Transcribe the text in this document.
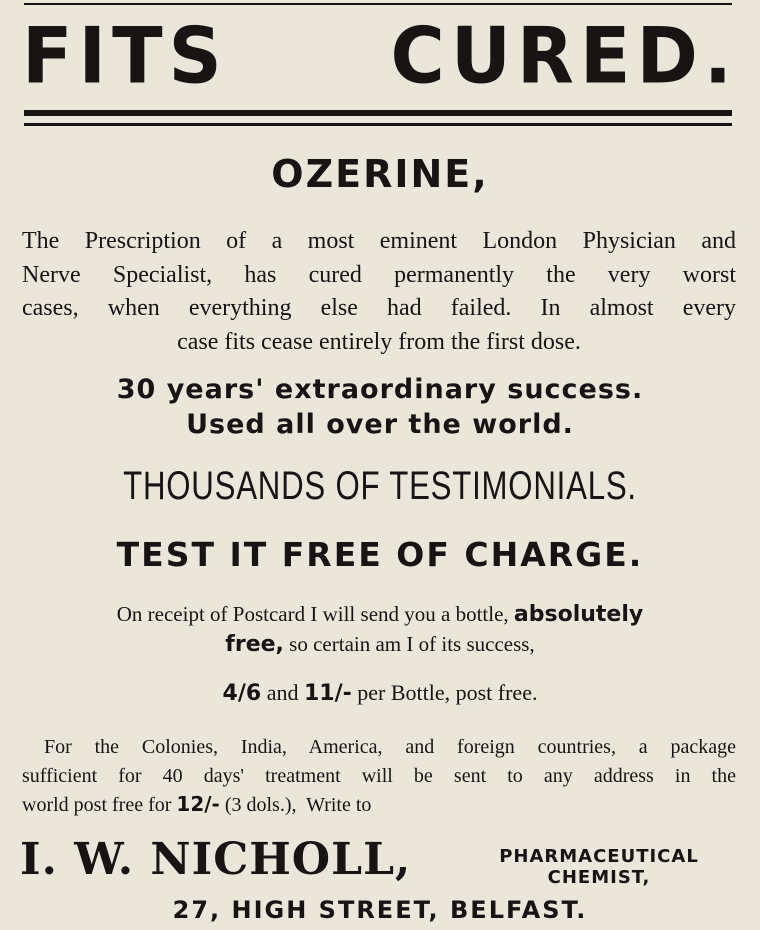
FITS CURED.
OZERINE,
The Prescription of a most eminent London Physician and
Nerve Specialist, has cured permanently the very worst
cases, when everything else had failed. In almost every
case fits cease entirely from the first dose.
30 years' extraordinary success.
Used all over the world.
THOUSANDS OF TESTIMONIALS.
TEST IT FREE OF CHARGE.
On receipt of Postcard I will send you a bottle, absolutely
free, so certain am I of its success,
4/6 and 11/- per Bottle, post free.
For the Colonies, India, America, and foreign countries, a package
sufficient for 40 days' treatment will be sent to any address in the
world post free for 12/- (3 dols.),  Write to
I. W. NICHOLL,	PHARMACEUTICAL
CHEMIST,
27, HIGH STREET, BELFAST.
